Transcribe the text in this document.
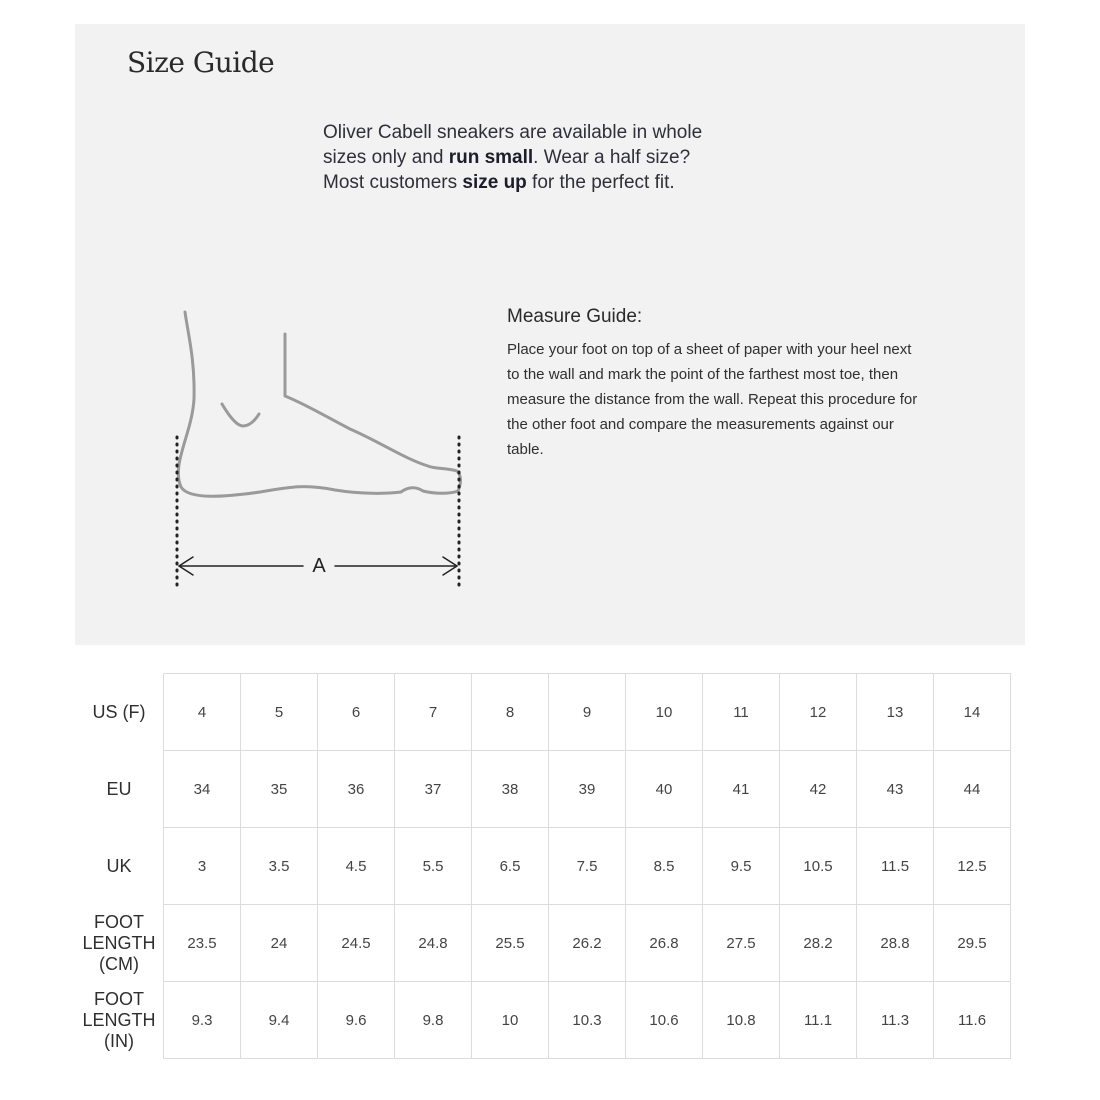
Size Guide
Oliver Cabell sneakers are available in whole
sizes only and run small. Wear a half size?
Most customers size up for the perfect fit.
A
Measure Guide:
Place your foot on top of a sheet of paper with your heel next to the wall and mark the point of the farthest most toe, then measure the distance from the wall. Repeat this procedure for the other foot and compare the measurements against our table.
US (F)	4	5	6	7	8	9	10	11	12	13	14
EU	34	35	36	37	38	39	40	41	42	43	44
UK	3	3.5	4.5	5.5	6.5	7.5	8.5	9.5	10.5	11.5	12.5
FOOT
LENGTH
(CM)	23.5	24	24.5	24.8	25.5	26.2	26.8	27.5	28.2	28.8	29.5
FOOT
LENGTH
(IN)	9.3	9.4	9.6	9.8	10	10.3	10.6	10.8	11.1	11.3	11.6
